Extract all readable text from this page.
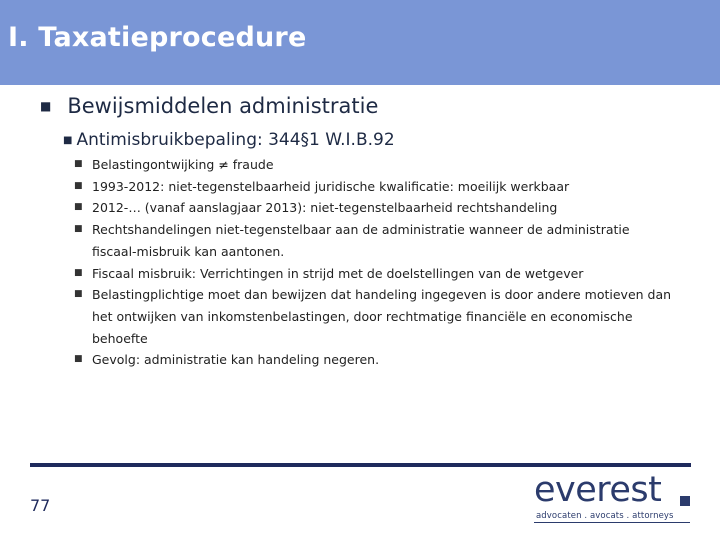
I. Taxatieprocedure
■ Bewijsmiddelen administratie
■ Antimisbruikbepaling: 344§1 W.I.B.92
■ Belastingontwijking ≠ fraude
■ 1993-2012: niet-tegenstelbaarheid juridische kwalificatie: moeilijk werkbaar
■ 2012-… (vanaf aanslagjaar 2013): niet-tegenstelbaarheid rechtshandeling
■ Rechtshandelingen niet-tegenstelbaar aan de administratie wanneer de administratie fiscaal-misbruik kan aantonen.
■ Fiscaal misbruik: Verrichtingen in strijd met de doelstellingen van de wetgever
■ Belastingplichtige moet dan bewijzen dat handeling ingegeven is door andere motieven dan het ontwijken van inkomstenbelastingen, door rechtmatige financiële en economische behoefte
■ Gevolg: administratie kan handeling negeren.
77	everest
advocaten . avocats . attorneys
